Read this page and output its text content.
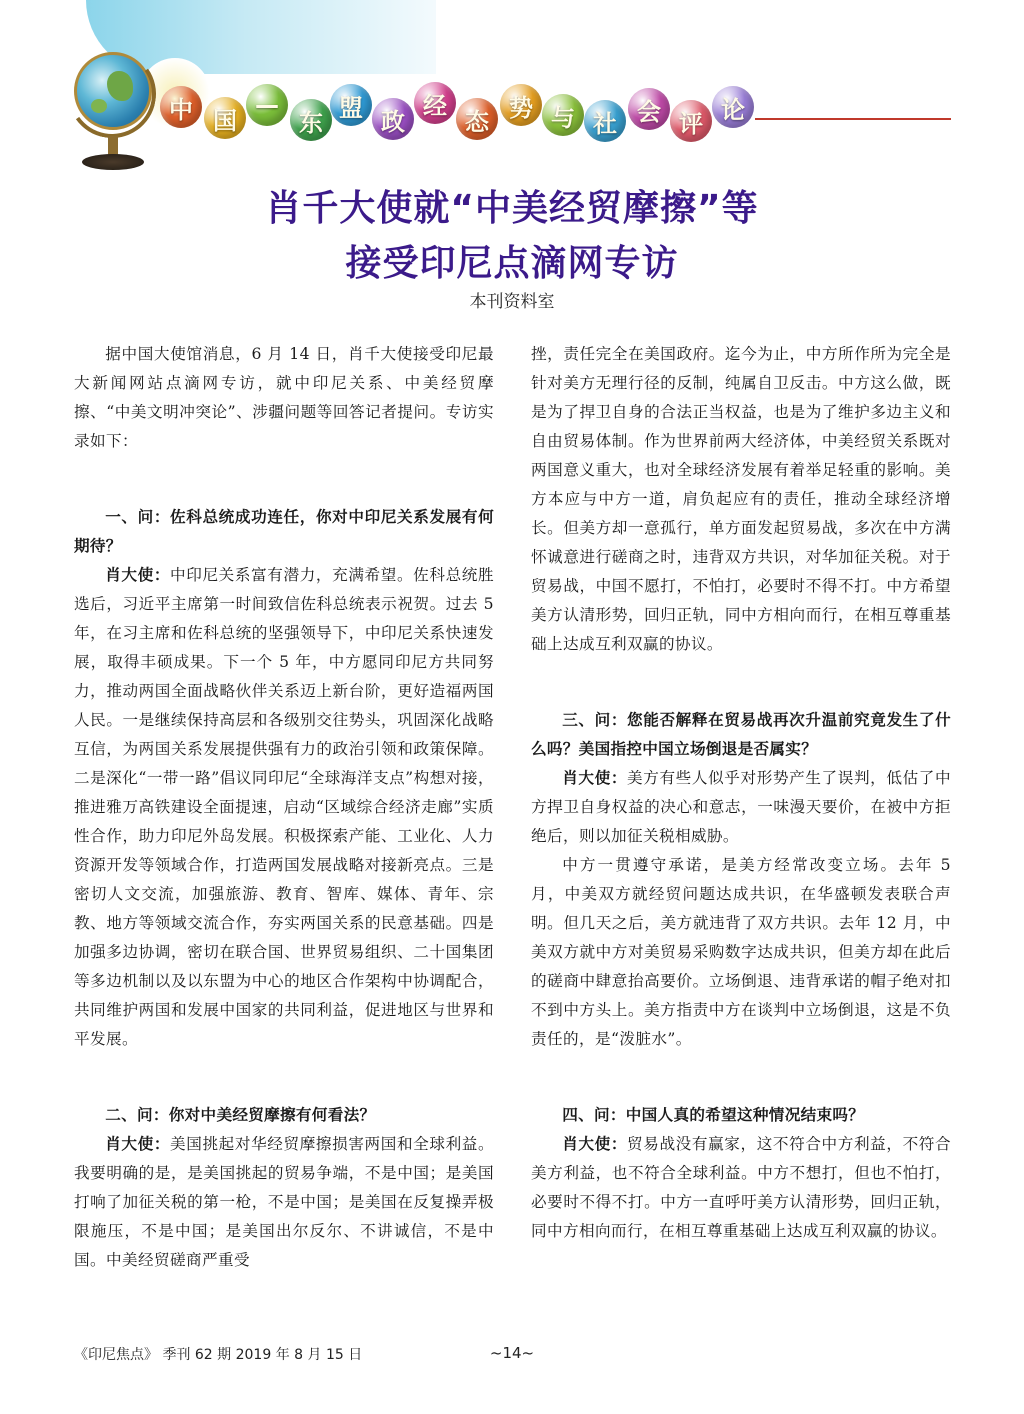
中 国
—
东
盟 政
经
态 势 与 社 会 评 论
肖千大使就“中美经贸摩擦”等
接受印尼点滴网专访
本刊资料室

据中国大使馆消息，6 月 14 日，肖千大使接受印尼最大新闻网站点滴网专访，就中印尼关系、中美经贸摩擦、“中美文明冲突论”、涉疆问题等回答记者提问。专访实录如下：

一、问：佐科总统成功连任，你对中印尼关系发展有何期待？

肖大使：中印尼关系富有潜力，充满希望。佐科总统胜选后，习近平主席第一时间致信佐科总统表示祝贺。过去 5 年，在习主席和佐科总统的坚强领导下，中印尼关系快速发展，取得丰硕成果。下一个 5 年，中方愿同印尼方共同努力，推动两国全面战略伙伴关系迈上新台阶，更好造福两国人民。一是继续保持高层和各级别交往势头，巩固深化战略互信，为两国关系发展提供强有力的政治引领和政策保障。二是深化“一带一路”倡议同印尼“全球海洋支点”构想对接，推进雅万高铁建设全面提速，启动“区域综合经济走廊”实质性合作，助力印尼外岛发展。积极探索产能、工业化、人力资源开发等领域合作，打造两国发展战略对接新亮点。三是密切人文交流，加强旅游、教育、智库、媒体、青年、宗教、地方等领域交流合作，夯实两国关系的民意基础。四是加强多边协调，密切在联合国、世界贸易组织、二十国集团等多边机制以及以东盟为中心的地区合作架构中协调配合，共同维护两国和发展中国家的共同利益，促进地区与世界和平发展。

二、问：你对中美经贸摩擦有何看法？

肖大使：美国挑起对华经贸摩擦损害两国和全球利益。我要明确的是，是美国挑起的贸易争端，不是中国；是美国打响了加征关税的第一枪，不是中国；是美国在反复操弄极限施压，不是中国；是美国出尔反尔、不讲诚信，不是中国。中美经贸磋商严重受

挫，责任完全在美国政府。迄今为止，中方所作所为完全是针对美方无理行径的反制，纯属自卫反击。中方这么做，既是为了捍卫自身的合法正当权益，也是为了维护多边主义和自由贸易体制。作为世界前两大经济体，中美经贸关系既对两国意义重大，也对全球经济发展有着举足轻重的影响。美方本应与中方一道，肩负起应有的责任，推动全球经济增长。但美方却一意孤行，单方面发起贸易战，多次在中方满怀诚意进行磋商之时，违背双方共识，对华加征关税。对于贸易战，中国不愿打，不怕打，必要时不得不打。中方希望美方认清形势，回归正轨，同中方相向而行，在相互尊重基础上达成互利双赢的协议。

三、问：您能否解释在贸易战再次升温前究竟发生了什么吗？美国指控中国立场倒退是否属实？

肖大使：美方有些人似乎对形势产生了误判，低估了中方捍卫自身权益的决心和意志，一味漫天要价，在被中方拒绝后，则以加征关税相威胁。

中方一贯遵守承诺，是美方经常改变立场。去年 5 月，中美双方就经贸问题达成共识，在华盛顿发表联合声明。但几天之后，美方就违背了双方共识。去年 12 月，中美双方就中方对美贸易采购数字达成共识，但美方却在此后的磋商中肆意抬高要价。立场倒退、违背承诺的帽子绝对扣不到中方头上。美方指责中方在谈判中立场倒退，这是不负责任的，是“泼脏水”。

四、问：中国人真的希望这种情况结束吗？

肖大使：贸易战没有赢家，这不符合中方利益，不符合美方利益，也不符合全球利益。中方不想打，但也不怕打，必要时不得不打。中方一直呼吁美方认清形势，回归正轨，同中方相向而行，在相互尊重基础上达成互利双赢的协议。

《印尼焦点》 季刊 62 期 2019 年 8 月 15 日	~14~
